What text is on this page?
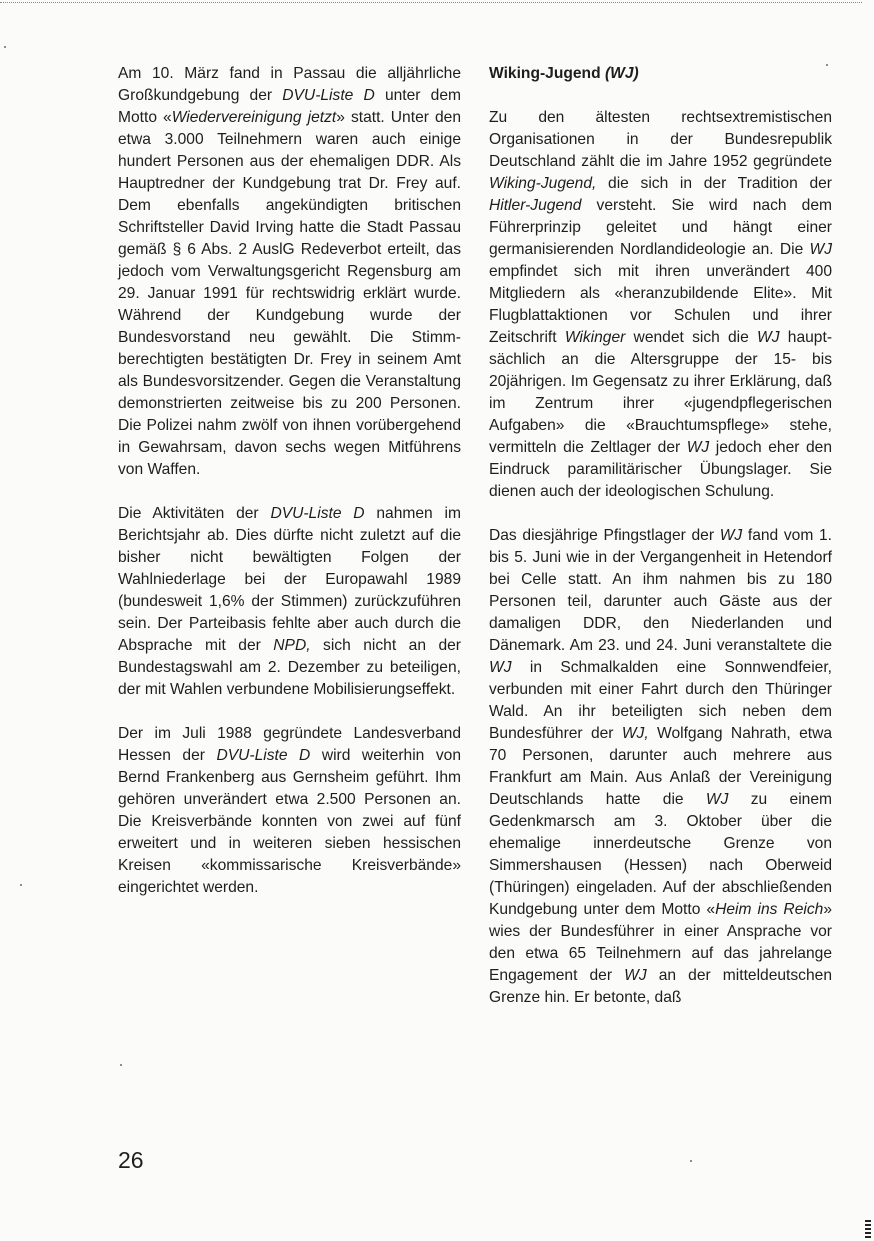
Am 10. März fand in Passau die alljährliche Großkundgebung der DVU-Liste D unter dem Motto «Wiedervereinigung jetzt» statt. Unter den etwa 3.000 Teilnehmern waren auch einige hundert Personen aus der ehemaligen DDR. Als Hauptredner der Kundgebung trat Dr. Frey auf. Dem ebenfalls angekündigten britischen Schriftsteller David Irving hatte die Stadt Passau gemäß § 6 Abs. 2 AuslG Redeverbot erteilt, das jedoch vom Verwaltungsgericht Regensburg am 29. Januar 1991 für rechtswidrig erklärt wurde. Während der Kundgebung wurde der Bundesvorstand neu gewählt. Die Stimmberechtigten bestätigten Dr. Frey in seinem Amt als Bundesvorsitzender. Gegen die Veranstaltung demonstrierten zeitweise bis zu 200 Personen. Die Polizei nahm zwölf von ihnen vorübergehend in Gewahrsam, davon sechs wegen Mitführens von Waffen.

Die Aktivitäten der DVU-Liste D nahmen im Berichtsjahr ab. Dies dürfte nicht zuletzt auf die bisher nicht bewältigten Folgen der Wahlniederlage bei der Europawahl 1989 (bundesweit 1,6% der Stimmen) zurückzuführen sein. Der Parteibasis fehlte aber auch durch die Absprache mit der NPD, sich nicht an der Bundestagswahl am 2. Dezember zu beteiligen, der mit Wahlen verbundene Mobilisierungseffekt.

Der im Juli 1988 gegründete Landesverband Hessen der DVU-Liste D wird weiterhin von Bernd Frankenberg aus Gernsheim geführt. Ihm gehören unverändert etwa 2.500 Personen an. Die Kreisverbände konnten von zwei auf fünf erweitert und in weiteren sieben hessischen Kreisen «kommissarische Kreisverbände» eingerichtet werden.

Wiking-Jugend (WJ)

Zu den ältesten rechtsextremistischen Organisationen in der Bundesrepublik Deutschland zählt die im Jahre 1952 gegründete Wiking-Jugend, die sich in der Tradition der Hitler-Jugend versteht. Sie wird nach dem Führerprinzip geleitet und hängt einer germanisierenden Nordlandideologie an. Die WJ empfindet sich mit ihren unverändert 400 Mitgliedern als «heranzubildende Elite». Mit Flugblattaktionen vor Schulen und ihrer Zeitschrift Wikinger wendet sich die WJ hauptsächlich an die Altersgruppe der 15- bis 20jährigen. Im Gegensatz zu ihrer Erklärung, daß im Zentrum ihrer «jugendpflegerischen Aufgaben» die «Brauchtumspflege» stehe, vermitteln die Zeltlager der WJ jedoch eher den Eindruck paramilitärischer Übungslager. Sie dienen auch der ideologischen Schulung.

Das diesjährige Pfingstlager der WJ fand vom 1. bis 5. Juni wie in der Vergangenheit in Hetendorf bei Celle statt. An ihm nahmen bis zu 180 Personen teil, darunter auch Gäste aus der damaligen DDR, den Niederlanden und Dänemark. Am 23. und 24. Juni veranstaltete die WJ in Schmalkalden eine Sonnwendfeier, verbunden mit einer Fahrt durch den Thüringer Wald. An ihr beteiligten sich neben dem Bundesführer der WJ, Wolfgang Nahrath, etwa 70 Personen, darunter auch mehrere aus Frankfurt am Main. Aus Anlaß der Vereinigung Deutschlands hatte die WJ zu einem Gedenkmarsch am 3. Oktober über die ehemalige innerdeutsche Grenze von Simmershausen (Hessen) nach Oberweid (Thüringen) eingeladen. Auf der abschließenden Kundgebung unter dem Motto «Heim ins Reich» wies der Bundesführer in einer Ansprache vor den etwa 65 Teilnehmern auf das jahrelange Engagement der WJ an der mitteldeutschen Grenze hin. Er betonte, daß

26
